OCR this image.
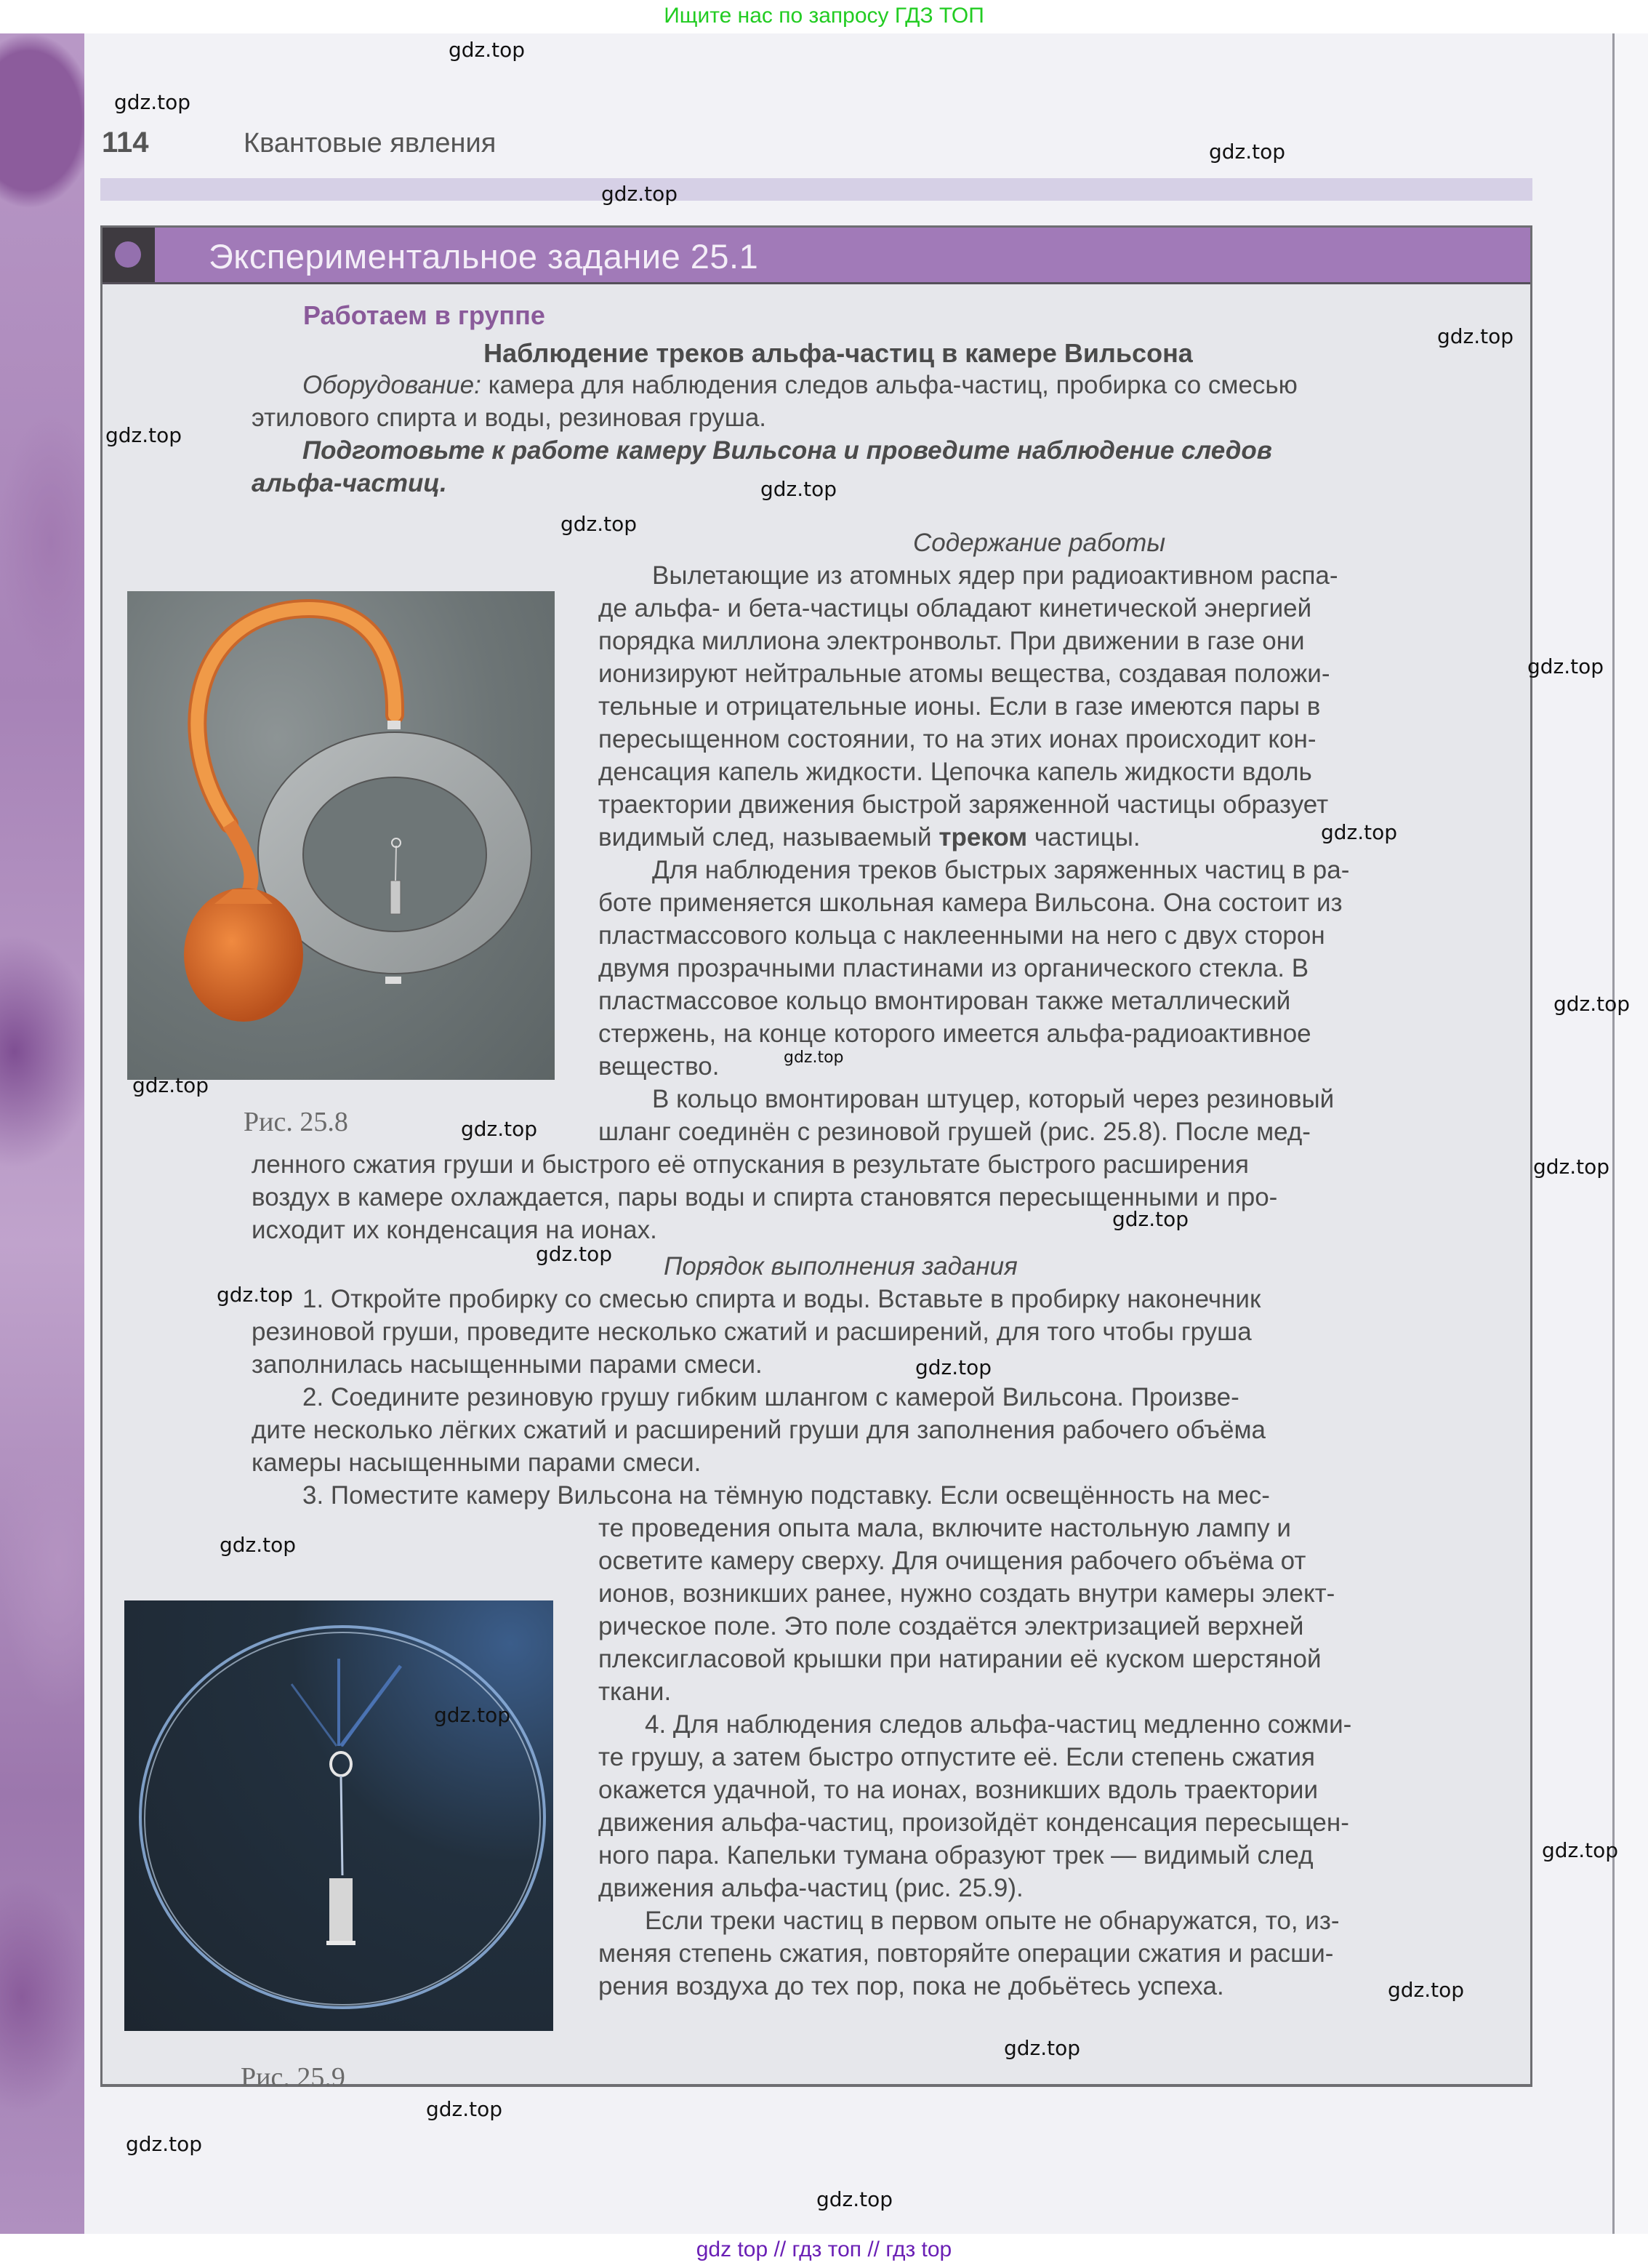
Ищите нас по запросу ГДЗ ТОП
114	Квантовые явления
Экспериментальное задание 25.1
Работаем в группе
Наблюдение треков альфа-частиц в камере Вильсона
Оборудование: камера для наблюдения следов альфа-частиц, пробирка со смесью
этилового спирта и воды, резиновая груша.
Подготовьте к работе камеру Вильсона и проведите наблюдение следов
альфа-частиц.
Рис. 25.8
Содержание работы
Вылетающие из атомных ядер при радиоактивном распа-
де альфа- и бета-частицы обладают кинетической энергией
порядка миллиона электронвольт. При движении в газе они
ионизируют нейтральные атомы вещества, создавая положи-
тельные и отрицательные ионы. Если в газе имеются пары в
пересыщенном состоянии, то на этих ионах происходит кон-
денсация капель жидкости. Цепочка капель жидкости вдоль
траектории движения быстрой заряженной частицы образует
видимый след, называемый треком частицы.
Для наблюдения треков быстрых заряженных частиц в ра-
боте применяется школьная камера Вильсона. Она состоит из
пластмассового кольца с наклеенными на него с двух сторон
двумя прозрачными пластинами из органического стекла. В
пластмассовое кольцо вмонтирован также металлический
стержень, на конце которого имеется альфа-радиоактивное
вещество.
В кольцо вмонтирован штуцер, который через резиновый
шланг соединён с резиновой грушей (рис. 25.8). После мед-
ленного сжатия груши и быстрого её отпускания в результате быстрого расширения
воздух в камере охлаждается, пары воды и спирта становятся пересыщенными и про-
исходит их конденсация на ионах.
Порядок выполнения задания
1. Откройте пробирку со смесью спирта и воды. Вставьте в пробирку наконечник
резиновой груши, проведите несколько сжатий и расширений, для того чтобы груша
заполнилась насыщенными парами смеси.
2. Соедините резиновую грушу гибким шлангом с камерой Вильсона. Произве-
дите несколько лёгких сжатий и расширений груши для заполнения рабочего объёма
камеры насыщенными парами смеси.
3. Поместите камеру Вильсона на тёмную подставку. Если освещённость на мес-
те проведения опыта мала, включите настольную лампу и
осветите камеру сверху. Для очищения рабочего объёма от
ионов, возникших ранее, нужно создать внутри камеры элект-
рическое поле. Это поле создаётся электризацией верхней
плексигласовой крышки при натирании её куском шерстяной
ткани.
4. Для наблюдения следов альфа-частиц медленно сожми-
те грушу, а затем быстро отпустите её. Если степень сжатия
окажется удачной, то на ионах, возникших вдоль траектории
движения альфа-частиц, произойдёт конденсация пересыщен-
ного пара. Капельки тумана образуют трек — видимый след
движения альфа-частиц (рис. 25.9).
Если треки частиц в первом опыте не обнаружатся, то, из-
меняя степень сжатия, повторяйте операции сжатия и расши-
рения воздуха до тех пор, пока не добьётесь успеха.
Рис. 25.9
gdz.top
gdz.top
gdz.top
gdz.top
gdz.top
gdz.top
gdz.top
gdz.top
gdz.top
gdz.top
gdz.top
gdz.top
gdz.top
gdz.top
gdz.top
gdz.top
gdz.top
gdz.top
gdz.top
gdz.top
gdz.top
gdz.top
gdz.top
gdz.top
gdz.top
gdz.top
gdz.top
gdz top // гдз топ // гдз top
